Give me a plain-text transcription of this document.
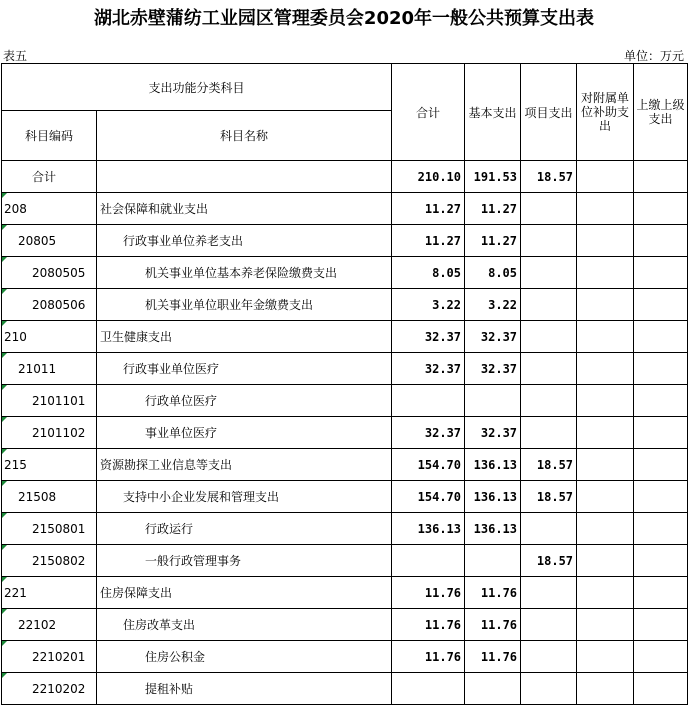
湖北赤壁蒲纺工业园区管理委员会2020年一般公共预算支出表
表五	单位：万元
支出功能分类科目		合计	基本支出	项目支出	对附属单位补助支出	上缴上级支出
科目编码	科目名称					
合计		210.10	191.53	18.57		
208	社会保障和就业支出	11.27	11.27			
20805	行政事业单位养老支出	11.27	11.27			
2080505	机关事业单位基本养老保险缴费支出	8.05	8.05			
2080506	机关事业单位职业年金缴费支出	3.22	3.22			
210	卫生健康支出	32.37	32.37			
21011	行政事业单位医疗	32.37	32.37			
2101101	行政单位医疗					
2101102	事业单位医疗	32.37	32.37			
215	资源勘探工业信息等支出	154.70	136.13	18.57		
21508	支持中小企业发展和管理支出	154.70	136.13	18.57		
2150801	行政运行	136.13	136.13			
2150802	一般行政管理事务			18.57		
221	住房保障支出	11.76	11.76			
22102	住房改革支出	11.76	11.76			
2210201	住房公积金	11.76	11.76			
2210202	提租补贴					
